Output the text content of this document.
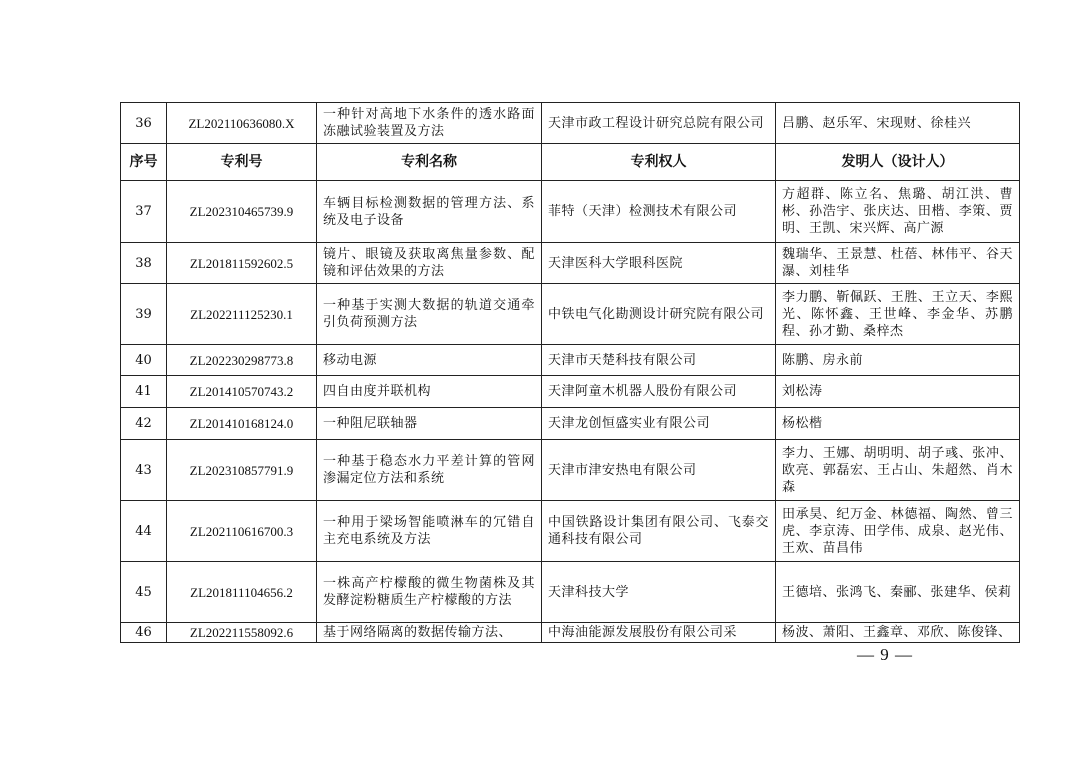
36	ZL202110636080.X	一种针对高地下水条件的透水路面冻融试验装置及方法	天津市政工程设计研究总院有限公司	吕鹏、赵乐军、宋现财、徐桂兴
序号	专利号	专利名称	专利权人	发明人（设计人）
37	ZL202310465739.9	车辆目标检测数据的管理方法、系统及电子设备	菲特（天津）检测技术有限公司	方超群、陈立名、焦璐、胡江洪、曹彬、孙浩宇、张庆达、田楷、李策、贾明、王凯、宋兴辉、高广源
38	ZL201811592602.5	镜片、眼镜及获取离焦量参数、配镜和评估效果的方法	天津医科大学眼科医院	魏瑞华、王景慧、杜蓓、林伟平、谷天瀑、刘桂华
39	ZL202211125230.1	一种基于实测大数据的轨道交通牵引负荷预测方法	中铁电气化勘测设计研究院有限公司	李力鹏、靳佩跃、王胜、王立天、李熙光、陈怀鑫、王世峰、李金华、苏鹏程、孙才勤、桑梓杰
40	ZL202230298773.8	移动电源	天津市天楚科技有限公司	陈鹏、房永前
41	ZL201410570743.2	四自由度并联机构	天津阿童木机器人股份有限公司	刘松涛
42	ZL201410168124.0	一种阻尼联轴器	天津龙创恒盛实业有限公司	杨松楷
43	ZL202310857791.9	一种基于稳态水力平差计算的管网渗漏定位方法和系统	天津市津安热电有限公司	李力、王娜、胡明明、胡子彧、张冲、欧亮、郭磊宏、王占山、朱超然、肖木森
44	ZL202110616700.3	一种用于梁场智能喷淋车的冗错自主充电系统及方法	中国铁路设计集团有限公司、飞泰交通科技有限公司	田承昊、纪万金、林德福、陶然、曾三虎、李京涛、田学伟、成泉、赵光伟、王欢、苗昌伟
45	ZL201811104656.2	一株高产柠檬酸的微生物菌株及其发酵淀粉糖质生产柠檬酸的方法	天津科技大学	王德培、张鸿飞、秦郦、张建华、侯莉
46	ZL202211558092.6	基于网络隔离的数据传输方法、	中海油能源发展股份有限公司采	杨波、萧阳、王鑫章、邓欣、陈俊锋、
— 9 —
